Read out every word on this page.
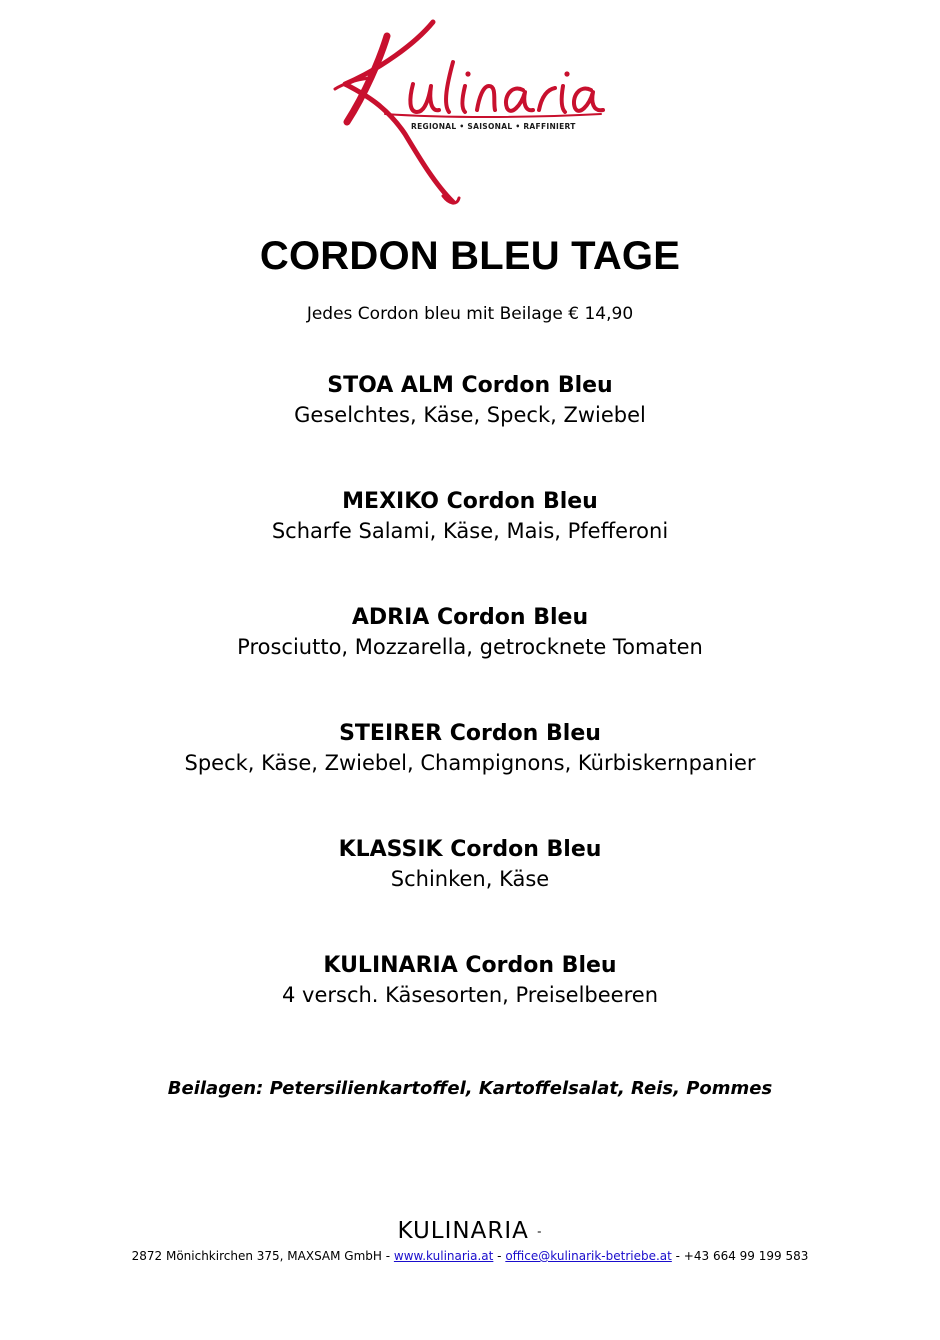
REGIONAL • SAISONAL • RAFFINIERT
CORDON BLEU TAGE
Jedes Cordon bleu mit Beilage € 14,90
STOA ALM Cordon Bleu
Geselchtes, Käse, Speck, Zwiebel
MEXIKO Cordon Bleu
Scharfe Salami, Käse, Mais, Pfefferoni
ADRIA Cordon Bleu
Prosciutto, Mozzarella, getrocknete Tomaten
STEIRER Cordon Bleu
Speck, Käse, Zwiebel, Champignons, Kürbiskernpanier
KLASSIK Cordon Bleu
Schinken, Käse
KULINARIA Cordon Bleu
4 versch. Käsesorten, Preiselbeeren
Beilagen: Petersilienkartoffel, Kartoffelsalat, Reis, Pommes
KULINARIA -
2872 Mönichkirchen 375, MAXSAM GmbH - www.kulinaria.at - office@kulinarik-betriebe.at - +43 664 99 199 583
